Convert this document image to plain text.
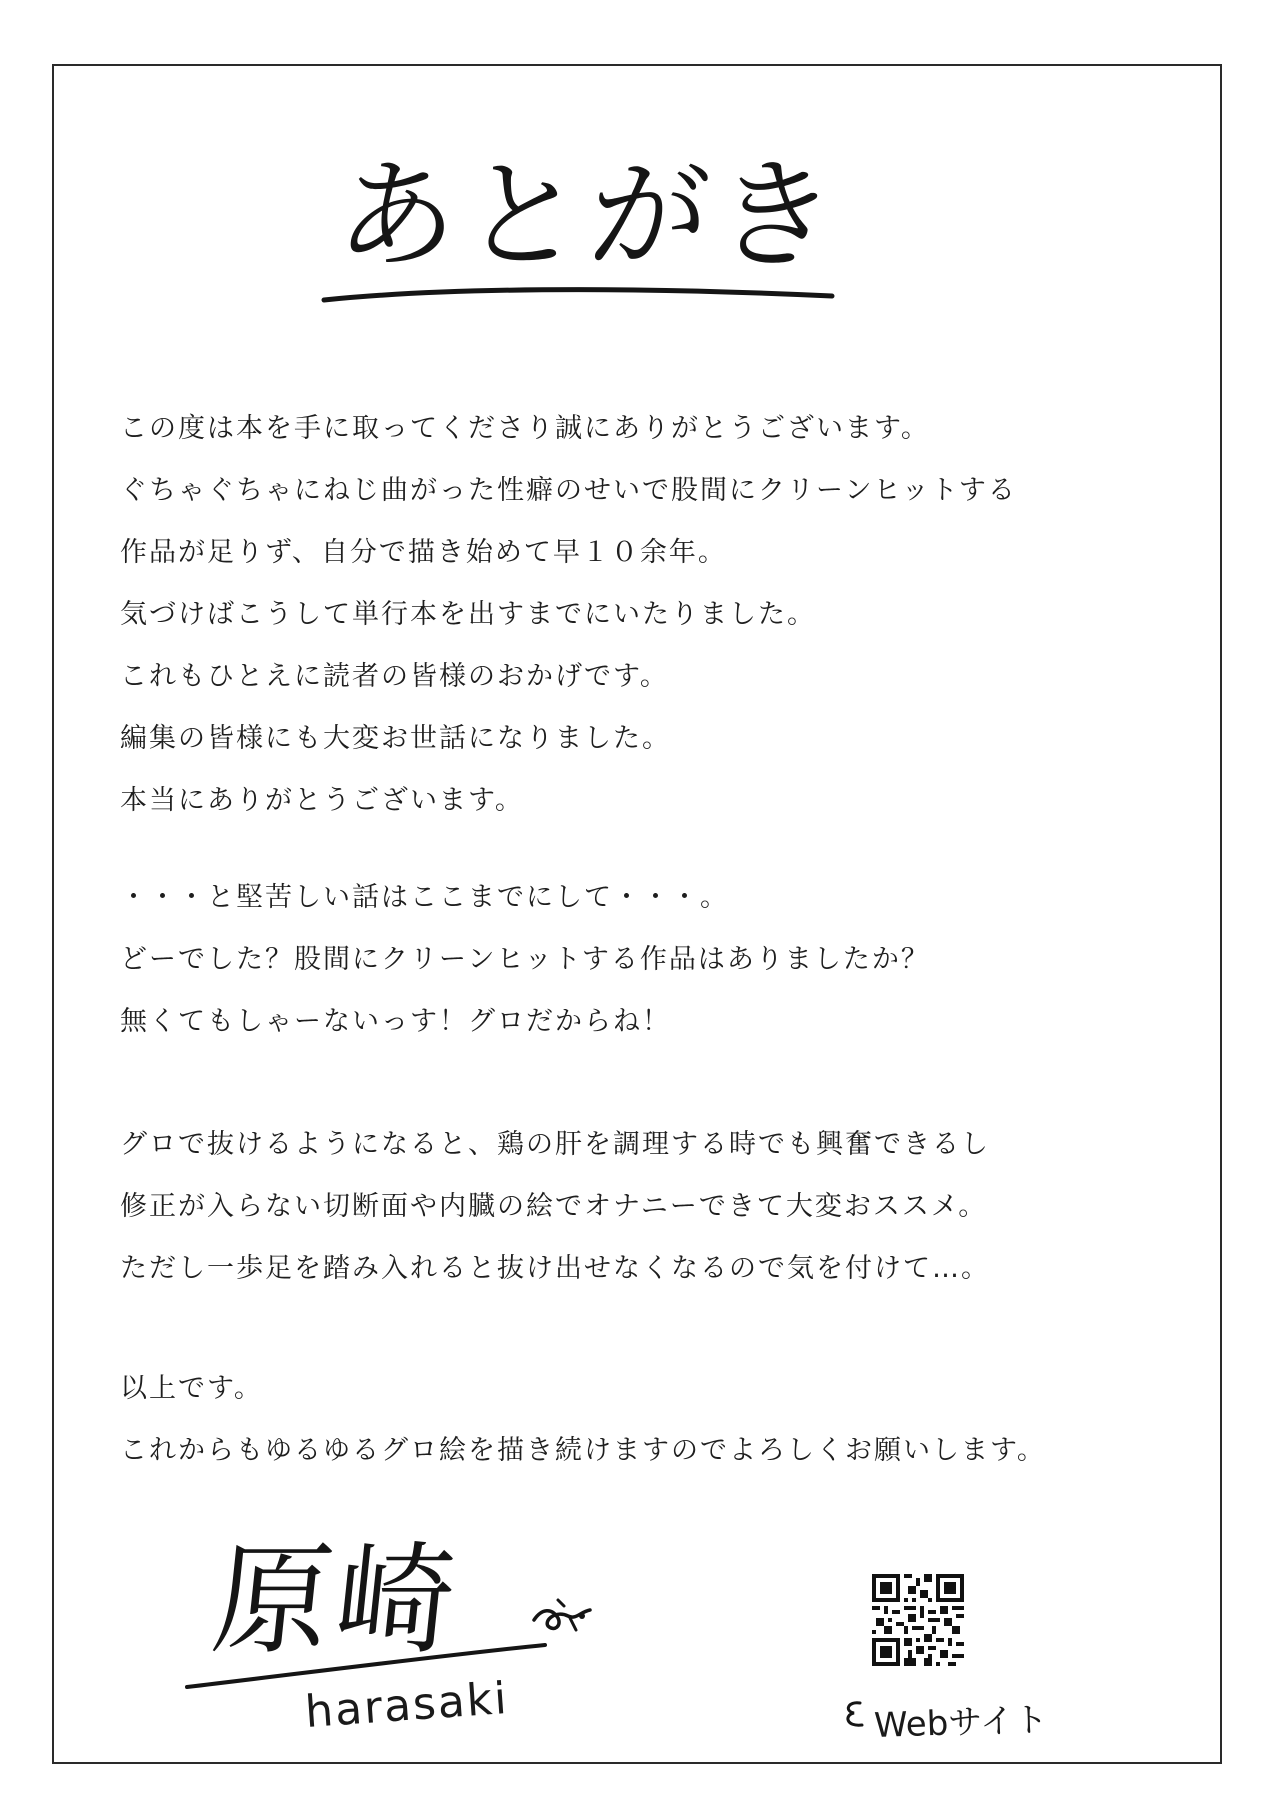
あとがき
この度は本を手に取ってくださり誠にありがとうございます。
ぐちゃぐちゃにねじ曲がった性癖のせいで股間にクリーンヒットする
作品が足りず、自分で描き始めて早１０余年。
気づけばこうして単行本を出すまでにいたりました。
これもひとえに読者の皆様のおかげです。
編集の皆様にも大変お世話になりました。
本当にありがとうございます。
・・・と堅苦しい話はここまでにして・・・。
どーでした？股間にクリーンヒットする作品はありましたか？
無くてもしゃーないっす！グロだからね！
グロで抜けるようになると、鶏の肝を調理する時でも興奮できるし
修正が入らない切断面や内臓の絵でオナニーできて大変おススメ。
ただし一歩足を踏み入れると抜け出せなくなるので気を付けて…。
以上です。
これからもゆるゆるグロ絵を描き続けますのでよろしくお願いします。
原崎
harasaki	Webサイト
